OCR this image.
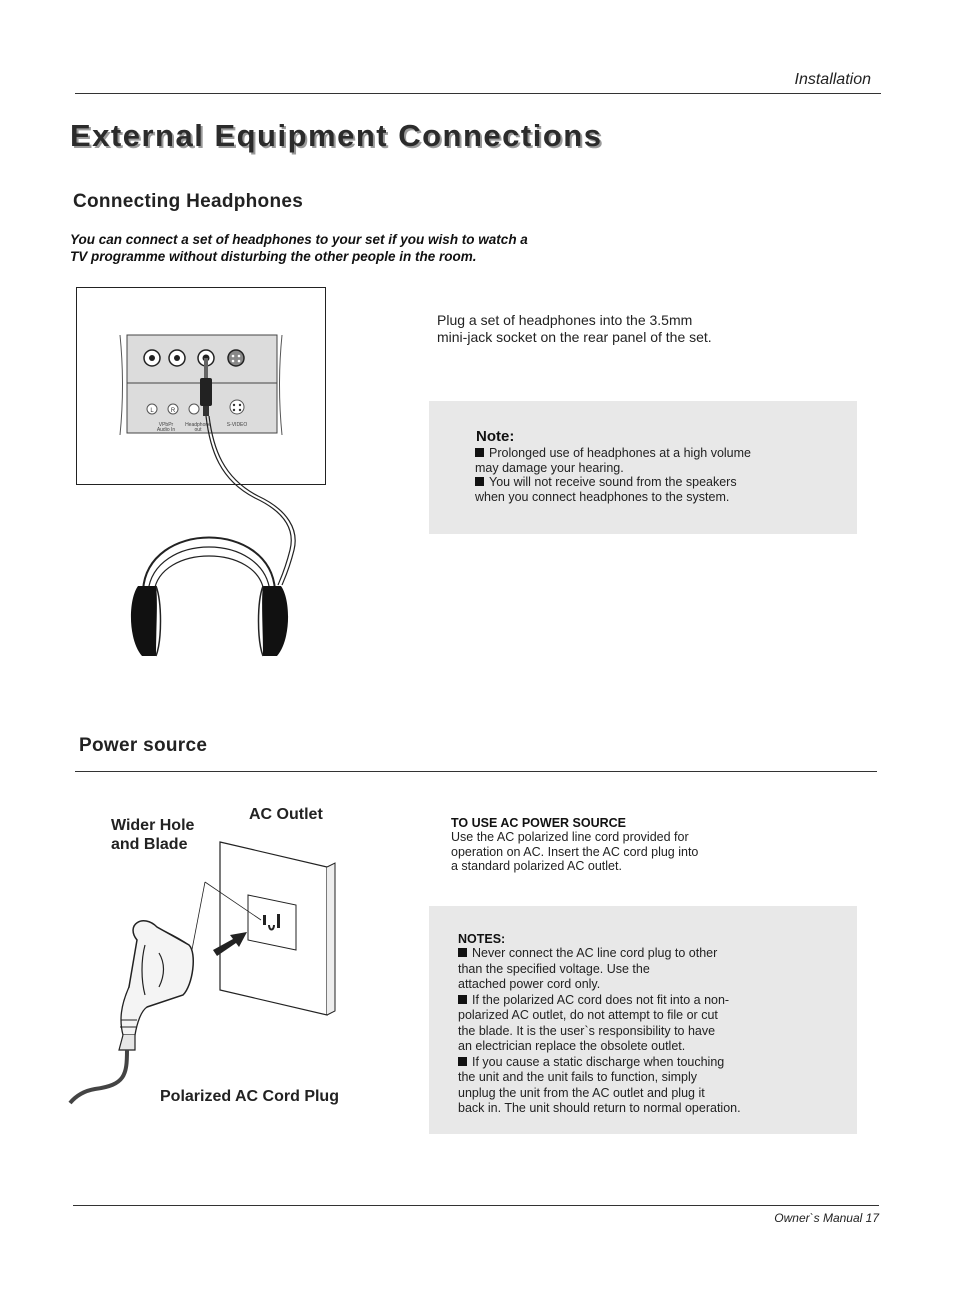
Installation
External Equipment Connections
Connecting Headphones

You can connect a set of headphones to your set if you wish to watch a

TV programme without disturbing the other people in the room.

L	R
VPbPr
Audio In
Headphone
out
S-VIDEO

Plug a set of headphones into the 3.5mm

mini-jack socket on the rear panel of the set.

Note:

Prolonged use of headphones at a high volume

may damage your hearing.

You will not receive sound from the speakers

when you connect headphones to the system.

Power source

Wider Hole

and Blade

AC Outlet
Polarized AC Cord Plug
TO USE AC POWER SOURCE

Use the AC polarized line cord provided for

operation on AC. Insert the AC cord plug into

a standard polarized AC outlet.

NOTES:

Never connect the AC line cord plug to other

than the specified voltage. Use the

attached power cord only.

If the polarized AC cord does not fit into a non-

polarized AC outlet, do not attempt to file or cut

the blade. It is the user`s responsibility to have

an electrician replace the obsolete outlet.

If you cause a static discharge when touching

the unit and the unit fails to function, simply

unplug the unit from the AC outlet and plug it

back in. The unit should return to normal operation.

Owner`s Manual 17
